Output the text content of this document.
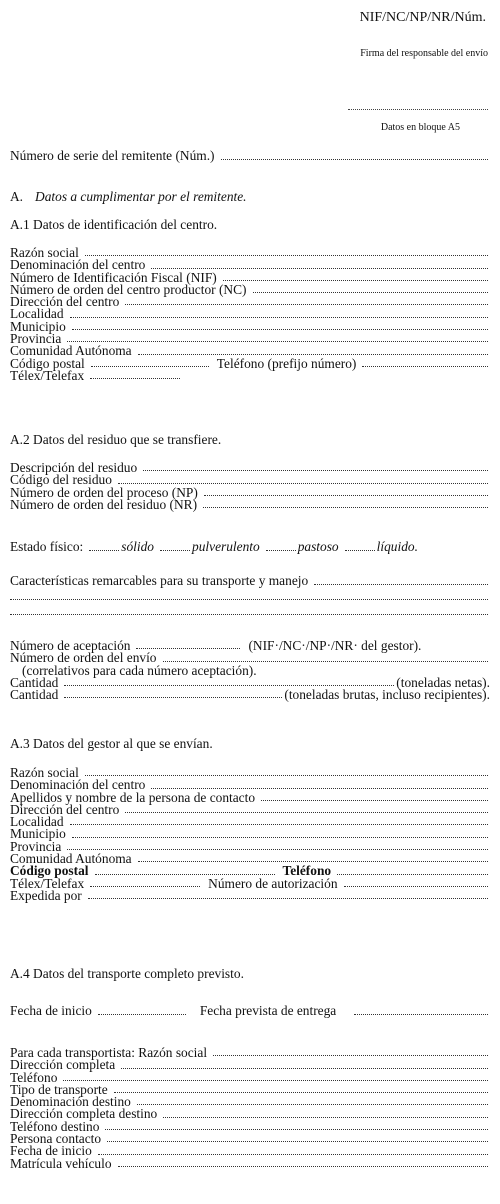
NIF/NC/NP/NR/Núm.
Firma del responsable del envío
Datos en bloque A5
Número de serie del remitente (Núm.)
A. Datos a cumplimentar por el remitente.
A.1 Datos de identificación del centro.
Razón social
Denominación del centro
Número de Identificación Fiscal (NIF)
Número de orden del centro productor (NC)
Dirección del centro
Localidad
Municipio
Provincia
Comunidad Autónoma
Código postal	Teléfono (prefijo número)
Télex/Telefax
A.2 Datos del residuo que se transfiere.
Descripción del residuo
Código del residuo
Número de orden del proceso (NP)
Número de orden del residuo (NR)
Estado físico:	sólido	pulverulento	pastoso	líquido.
Características remarcables para su transporte y manejo
Número de aceptación	(NIF·/NC·/NP·/NR· del gestor).
Número de orden del envío
(correlativos para cada número aceptación).
Cantidad	(toneladas netas).
Cantidad	(toneladas brutas, incluso recipientes).
A.3 Datos del gestor al que se envían.
Razón social
Denominación del centro
Apellidos y nombre de la persona de contacto
Dirección del centro
Localidad
Municipio
Provincia
Comunidad Autónoma
Código postal	Teléfono
Télex/Telefax	Número de autorización
Expedida por
A.4 Datos del transporte completo previsto.
Fecha de inicio	Fecha prevista de entrega
Para cada transportista: Razón social
Dirección completa
Teléfono
Tipo de transporte
Denominación destino
Dirección completa destino
Teléfono destino
Persona contacto
Fecha de inicio
Matrícula vehículo
